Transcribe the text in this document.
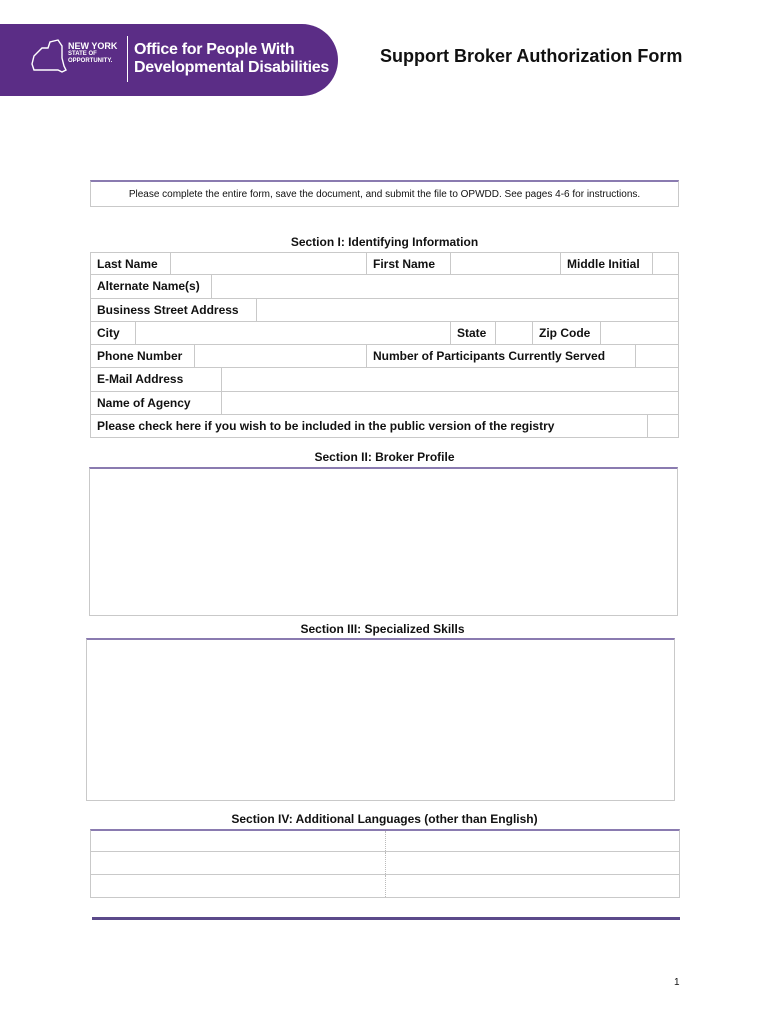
NEW YORK
STATE OF
OPPORTUNITY.
Office for People With
Developmental Disabilities
Support Broker Authorization Form
Please complete the entire form, save the document, and submit the file to OPWDD. See pages 4-6 for instructions.
Section I: Identifying Information
Last Name	First Name	Middle Initial
Alternate Name(s)
Business Street Address
City	State	Zip Code
Phone Number	Number of Participants Currently Served
E-Mail Address
Name of Agency
Please check here if you wish to be included in the public version of the registry
Section II: Broker Profile
Section III: Specialized Skills
Section IV: Additional Languages (other than English)
1
